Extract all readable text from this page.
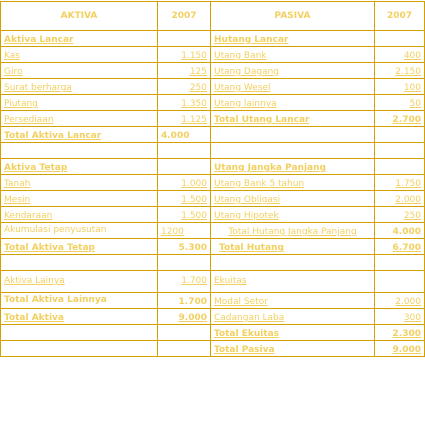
AKTIVA	2007	PASIVA	2007
Aktiva Lancar		Hutang Lancar	
Kas	1.150	Utang Bank	400
Giro	125	Utang Dagang	2.150
Surat berharga	250	Utang Wesel	100
Piutang	1.350	Utang lainnya	50
Persediaan	1.125	Total Utang Lancar	2.700
Total Aktiva Lancar	4.000		

Aktiva Tetap		Utang Jangka Panjang	
Tanah	1.000	Utang Bank 5 tahun	1.750
Mesin	1.500	Utang Obligasi	2.000
Kendaraan	1.500	Utang Hipotek	250
Akumulasi penyusutan	1200	Total Hutang Jangka Panjang	4.000
Total Aktiva Tetap	5.300	Total Hutang	6.700

Aktiva Lainya	1.700	Ekuitas	
Total Aktiva Lainnya	1.700	Modal Setor	2.000
Total Aktiva	9.000	Cadangan Laba	300
		Total Ekuitas	2.300
		Total Pasiva	9.000
